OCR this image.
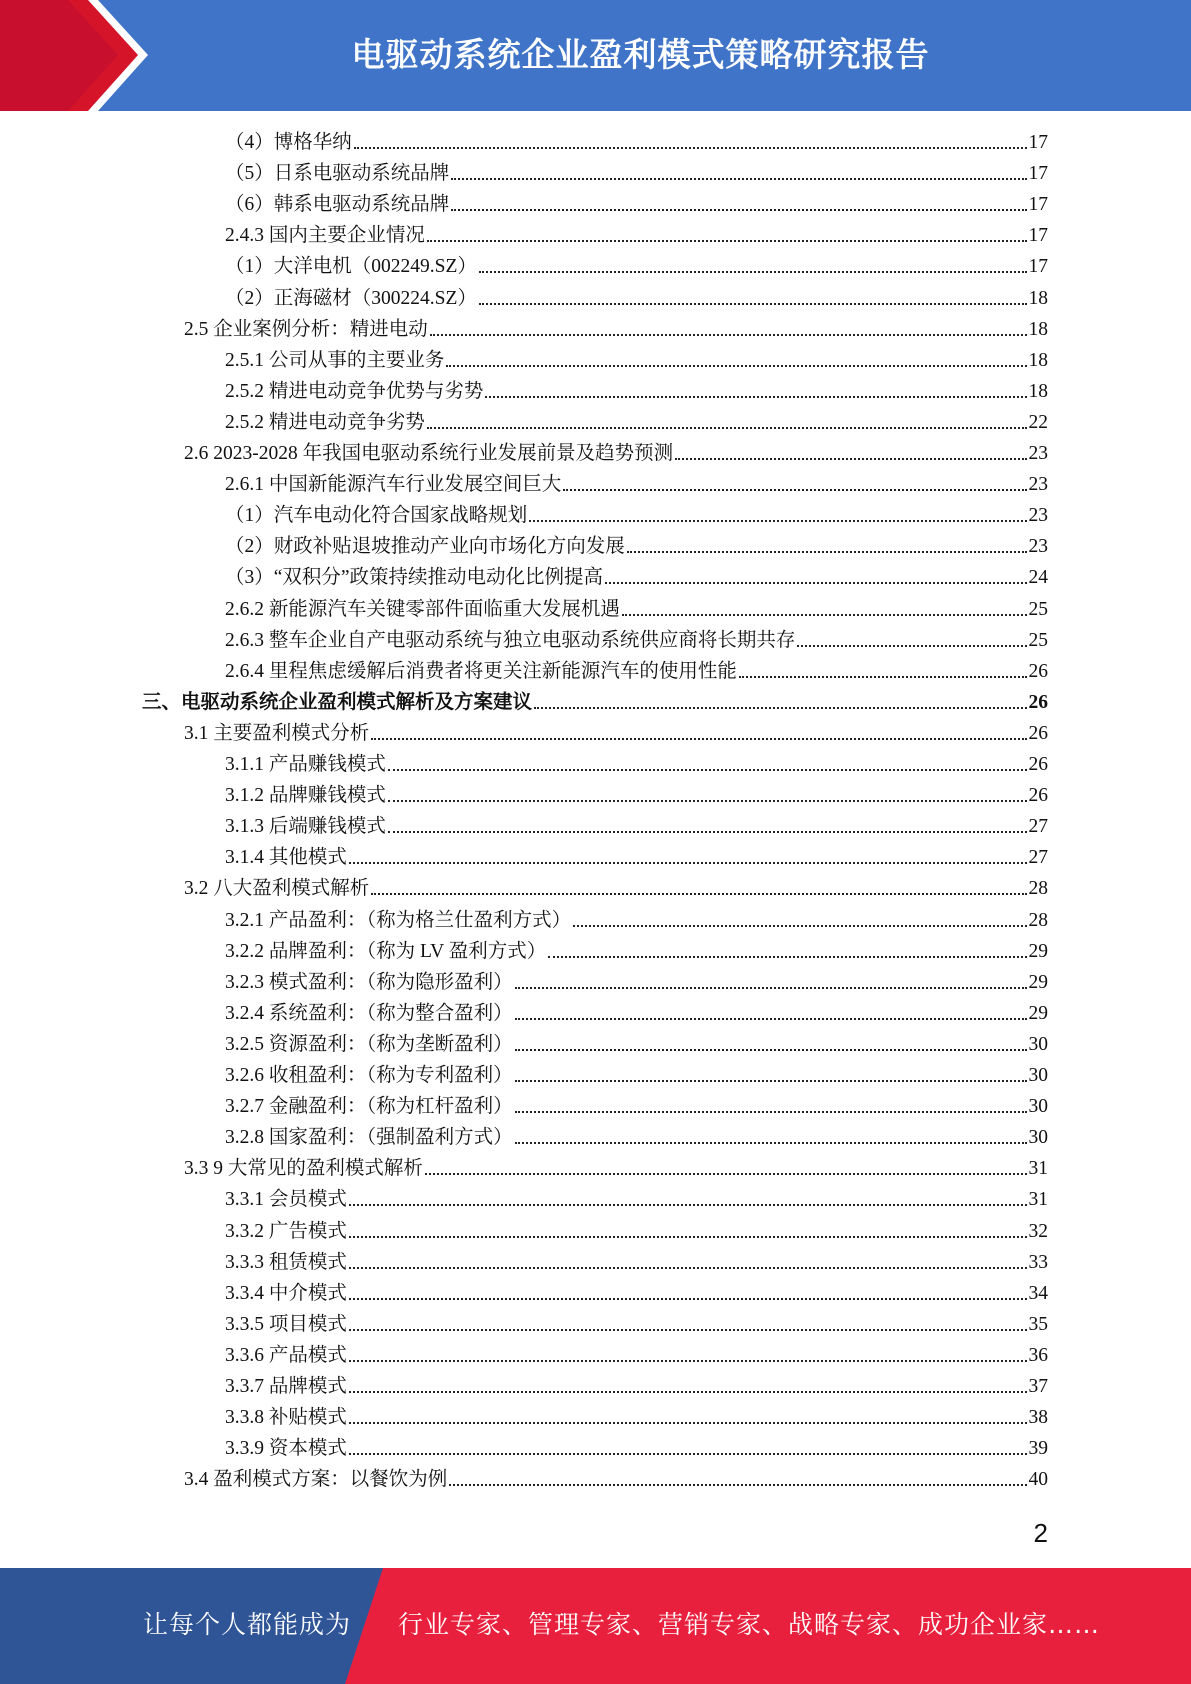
电驱动系统企业盈利模式策略研究报告
（4）博格华纳	17
（5）日系电驱动系统品牌	17
（6）韩系电驱动系统品牌	17
2.4.3 国内主要企业情况	17
（1）大洋电机（002249.SZ）	17
（2）正海磁材（300224.SZ）	18
2.5 企业案例分析：精进电动	18
2.5.1 公司从事的主要业务	18
2.5.2 精进电动竞争优势与劣势	18
2.5.2 精进电动竞争劣势	22
2.6 2023-2028 年我国电驱动系统行业发展前景及趋势预测	23
2.6.1 中国新能源汽车行业发展空间巨大	23
（1）汽车电动化符合国家战略规划	23
（2）财政补贴退坡推动产业向市场化方向发展	23
（3）“双积分”政策持续推动电动化比例提高	24
2.6.2 新能源汽车关键零部件面临重大发展机遇	25
2.6.3 整车企业自产电驱动系统与独立电驱动系统供应商将长期共存	25
2.6.4 里程焦虑缓解后消费者将更关注新能源汽车的使用性能	26
三、电驱动系统企业盈利模式解析及方案建议	26
3.1 主要盈利模式分析	26
3.1.1 产品赚钱模式	26
3.1.2 品牌赚钱模式	26
3.1.3 后端赚钱模式	27
3.1.4 其他模式	27
3.2 八大盈利模式解析	28
3.2.1 产品盈利：（称为格兰仕盈利方式）	28
3.2.2 品牌盈利：（称为 LV 盈利方式）	29
3.2.3 模式盈利：（称为隐形盈利）	29
3.2.4 系统盈利：（称为整合盈利）	29
3.2.5 资源盈利：（称为垄断盈利）	30
3.2.6 收租盈利：（称为专利盈利）	30
3.2.7 金融盈利：（称为杠杆盈利）	30
3.2.8 国家盈利：（强制盈利方式）	30
3.3 9 大常见的盈利模式解析	31
3.3.1 会员模式	31
3.3.2 广告模式	32
3.3.3 租赁模式	33
3.3.4 中介模式	34
3.3.5 项目模式	35
3.3.6 产品模式	36
3.3.7 品牌模式	37
3.3.8 补贴模式	38
3.3.9 资本模式	39
3.4 盈利模式方案：以餐饮为例	40
2
让每个人都能成为 行业专家、管理专家、营销专家、战略专家、成功企业家……
